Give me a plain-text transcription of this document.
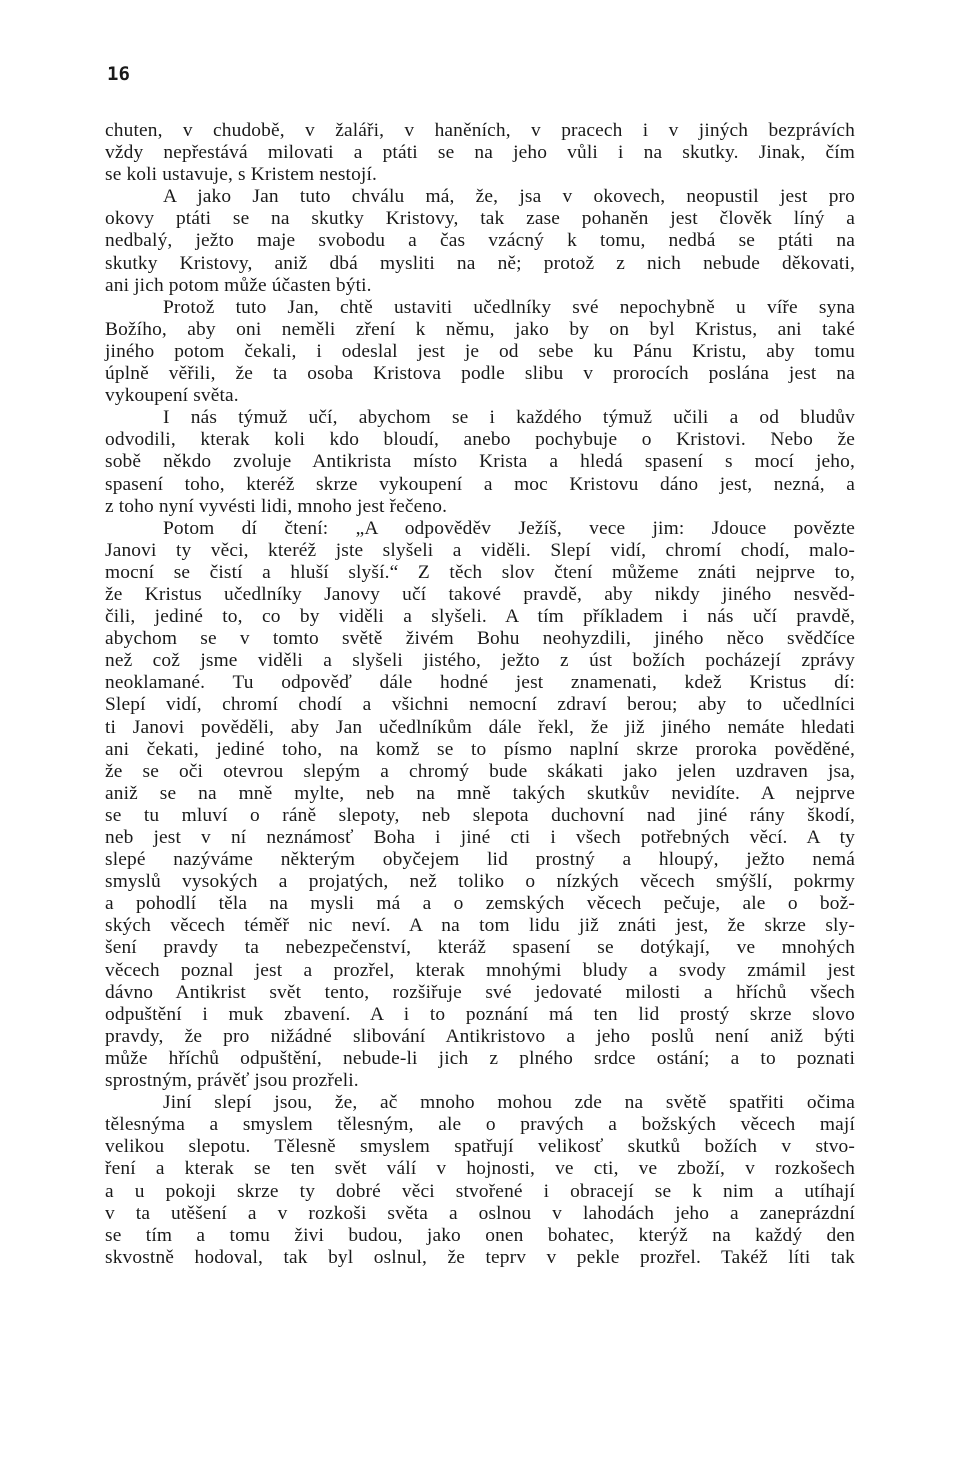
16
chuten, v chudobě, v žaláři, v haněních, v pracech i v jiných bezprávích
vždy nepřestává milovati a ptáti se na jeho vůli i na skutky. Jinak, čím
se koli ustavuje, s Kristem nestojí.
A jako Jan tuto chválu má, že, jsa v okovech, neopustil jest pro
okovy ptáti se na skutky Kristovy, tak zase pohaněn jest člověk líný a
nedbalý, ježto maje svobodu a čas vzácný k tomu, nedbá se ptáti na
skutky Kristovy, aniž dbá mysliti na ně; protož z nich nebude děkovati,
ani jich potom může účasten býti.
Protož tuto Jan, chtě ustaviti učedlníky své nepochybně u víře syna
Božího, aby oni neměli zření k němu, jako by on byl Kristus, ani také
jiného potom čekali, i odeslal jest je od sebe ku Pánu Kristu, aby tomu
úplně věřili, že ta osoba Kristova podle slibu v prorocích poslána jest na
vykoupení světa.
I nás týmuž učí, abychom se i každého týmuž učili a od bludův
odvodili, kterak koli kdo bloudí, anebo pochybuje o Kristovi. Nebo že
sobě někdo zvoluje Antikrista místo Krista a hledá spasení s mocí jeho,
spasení toho, kteréž skrze vykoupení a moc Kristovu dáno jest, nezná, a
z toho nyní vyvésti lidi, mnoho jest řečeno.
Potom dí čtení: „A odpověděv Ježíš, vece jim: Jdouce povězte
Janovi ty věci, kteréž jste slyšeli a viděli. Slepí vidí, chromí chodí, malo-
mocní se čistí a hluší slyší.“ Z těch slov čtení můžeme znáti nejprve to,
že Kristus učedlníky Janovy učí takové pravdě, aby nikdy jiného nesvěd-
čili, jediné to, co by viděli a slyšeli. A tím příkladem i nás učí pravdě,
abychom se v tomto světě živém Bohu neohyzdili, jiného něco svědčíce
než což jsme viděli a slyšeli jistého, ježto z úst božích pocházejí zprávy
neoklamané. Tu odpověď dále hodné jest znamenati, kdež Kristus dí:
Slepí vidí, chromí chodí a všichni nemocní zdraví berou; aby to učedlníci
ti Janovi pověděli, aby Jan učedlníkům dále řekl, že již jiného nemáte hledati
ani čekati, jediné toho, na komž se to písmo naplní skrze proroka pověděné,
že se oči otevrou slepým a chromý bude skákati jako jelen uzdraven jsa,
aniž se na mně mylte, neb na mně takých skutkův nevidíte. A nejprve
se tu mluví o ráně slepoty, neb slepota duchovní nad jiné rány škodí,
neb jest v ní neznámosť Boha i jiné cti i všech potřebných věcí. A ty
slepé nazýváme některým obyčejem lid prostný a hloupý, ježto nemá
smyslů vysokých a projatých, než toliko o nízkých věcech smýšlí, pokrmy
a pohodlí těla na mysli má a o zemských věcech pečuje, ale o bož-
ských věcech téměř nic neví. A na tom lidu již znáti jest, že skrze sly-
šení pravdy ta nebezpečenství, kteráž spasení se dotýkají, ve mnohých
věcech poznal jest a prozřel, kterak mnohými bludy a svody zmámil jest
dávno Antikrist svět tento, rozšiřuje své jedovaté milosti a hříchů všech
odpuštění i muk zbavení. A i to poznání má ten lid prostý skrze slovo
pravdy, že pro nižádné slibování Antikristovo a jeho poslů není aniž býti
může hříchů odpuštění, nebude-li jich z plného srdce ostání; a to poznati
sprostným, právěť jsou prozřeli.
Jiní slepí jsou, že, ač mnoho mohou zde na světě spatřiti očima
tělesnýma a smyslem tělesným, ale o pravých a božských věcech mají
velikou slepotu. Tělesně smyslem spatřují velikosť skutků božích v stvo-
ření a kterak se ten svět válí v hojnosti, ve cti, ve zboží, v rozkošech
a u pokoji skrze ty dobré věci stvořené i obracejí se k nim a utíhají
v ta utěšení a v rozkoši světa a oslnou v lahodách jeho a zaneprázdní
se tím a tomu živi budou, jako onen bohatec, kterýž na každý den
skvostně hodoval, tak byl oslnul, že teprv v pekle prozřel. Takéž líti tak
